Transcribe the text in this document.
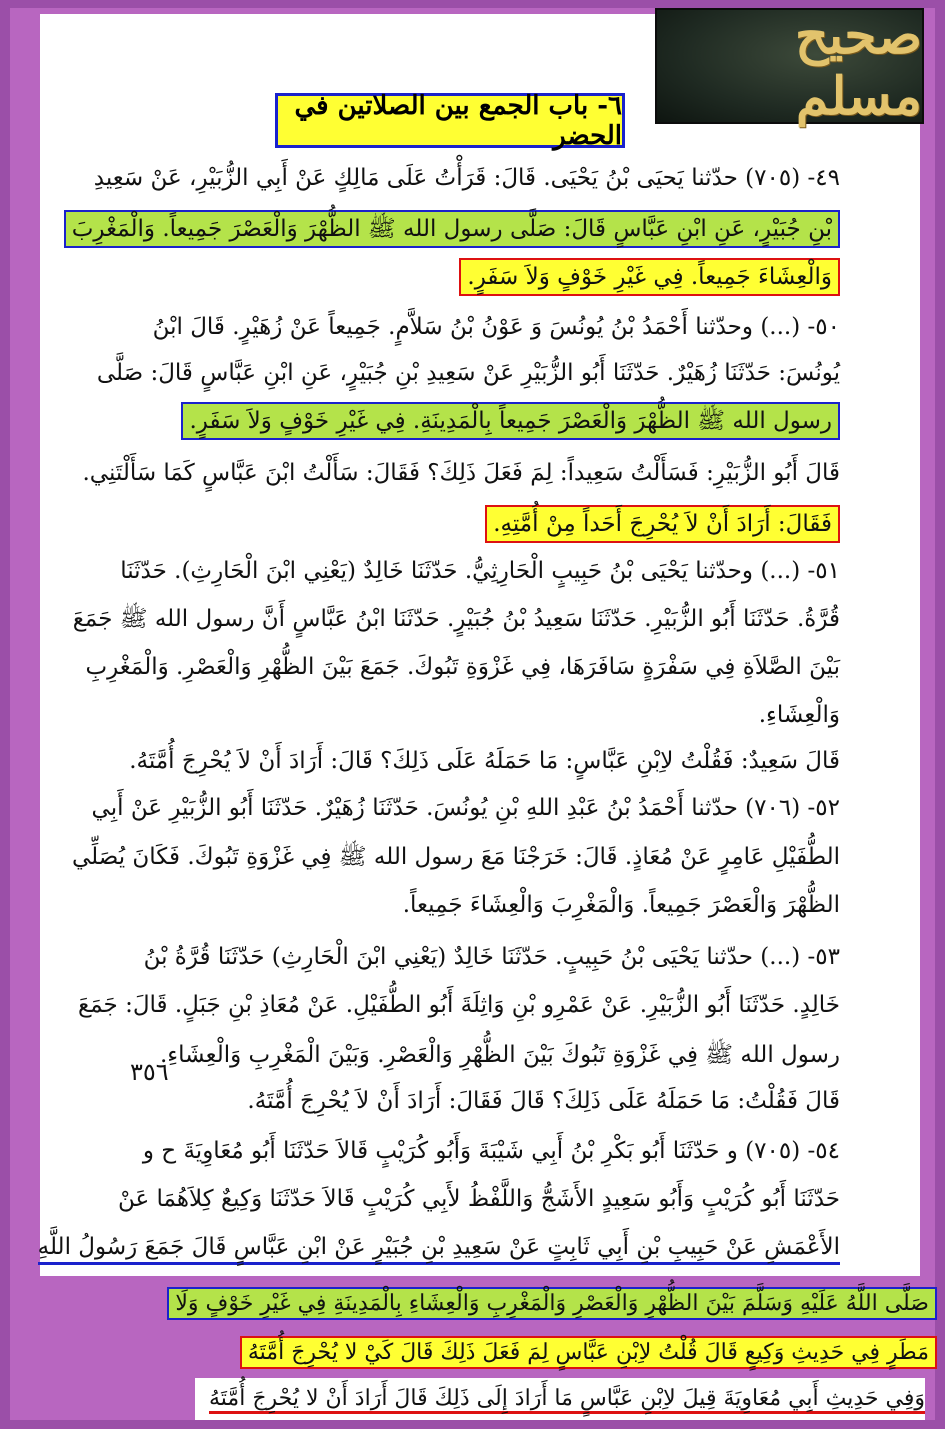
صحيح مسلم
٦- باب الجمع بين الصلاتين في الحضر
٤٩- (٧٠٥) حدّثنا يَحيَى بْنُ يَحْيَى. قَالَ: قَرَأْتُ عَلَى مَالِكٍ عَنْ أَبِي الزُّبَيْرِ، عَنْ سَعِيدِ
بْنِ جُبَيْرٍ، عَنِ ابْنِ عَبَّاسٍ قَالَ: صَلَّى رسول الله ﷺ الظُّهْرَ وَالْعَصْرَ جَمِيعاً. وَالْمَغْرِبَ
وَالْعِشَاءَ جَمِيعاً. فِي غَيْرِ خَوْفٍ وَلاَ سَفَرٍ.
٥٠- (...) وحدّثنا أَحْمَدُ بْنُ يُونُسَ وَ عَوْنُ بْنُ سَلاَّمٍ. جَمِيعاً عَنْ زُهَيْرٍ. قَالَ ابْنُ
يُونُسَ: حَدّثَنَا زُهَيْرٌ. حَدّثَنَا أَبُو الزُّبَيْرِ عَنْ سَعِيدِ بْنِ جُبَيْرٍ، عَنِ ابْنِ عَبَّاسٍ قَالَ: صَلَّى
رسول الله ﷺ الظُّهْرَ وَالْعَصْرَ جَمِيعاً بِالْمَدِينَةِ. فِي غَيْرِ خَوْفٍ وَلاَ سَفَرٍ.
قَالَ أَبُو الزُّبَيْرِ: فَسَأَلْتُ سَعِيداً: لِمَ فَعَلَ ذَلِكَ؟ فَقَالَ: سَأَلْتُ ابْنَ عَبَّاسٍ كَمَا سَأَلْتَنِي.
فَقَالَ: أَرَادَ أَنْ لاَ يُحْرِجَ أَحَداً مِنْ أُمَّتِهِ.
٥١- (...) وحدّثنا يَحْيَى بْنُ حَبِيبٍ الْحَارِثِيُّ. حَدّثَنَا خَالِدٌ (يَعْنِي ابْنَ الْحَارِثِ). حَدّثَنَا
قُرَّةُ. حَدّثَنَا أَبُو الزُّبَيْرِ. حَدّثَنَا سَعِيدُ بْنُ جُبَيْرٍ. حَدّثَنَا ابْنُ عَبَّاسٍ أَنَّ رسول الله ﷺ جَمَعَ
بَيْنَ الصَّلاَةِ فِي سَفْرَةٍ سَافَرَهَا، فِي غَزْوَةِ تَبُوكَ. جَمَعَ بَيْنَ الظُّهْرِ وَالْعَصْرِ. وَالْمَغْرِبِ
وَالْعِشَاءِ.
قَالَ سَعِيدٌ: فَقُلْتُ لاِبْنِ عَبَّاسٍ: مَا حَمَلَهُ عَلَى ذَلِكَ؟ قَالَ: أَرَادَ أَنْ لاَ يُحْرِجَ أُمَّتَهُ.
٥٢- (٧٠٦) حدّثنا أَحْمَدُ بْنُ عَبْدِ اللهِ بْنِ يُونُسَ. حَدّثَنَا زُهَيْرٌ. حَدّثَنَا أَبُو الزُّبَيْرِ عَنْ أَبِي
الطُّفَيْلِ عَامِرٍ عَنْ مُعَاذٍ. قَالَ: خَرَجْنَا مَعَ رسول الله ﷺ فِي غَزْوَةِ تَبُوكَ. فَكَانَ يُصَلِّي
الظُّهْرَ وَالْعَصْرَ جَمِيعاً. وَالْمَغْرِبَ وَالْعِشَاءَ جَمِيعاً.
٥٣- (...) حدّثنا يَحْيَى بْنُ حَبِيبٍ. حَدّثَنَا خَالِدٌ (يَعْنِي ابْنَ الْحَارِثِ) حَدّثَنَا قُرَّةُ بْنُ
خَالِدٍ. حَدّثَنَا أَبُو الزُّبَيْرِ. عَنْ عَمْرِو بْنِ وَاثِلَةَ أَبُو الطُّفَيْلِ. عَنْ مُعَاذِ بْنِ جَبَلٍ. قَالَ: جَمَعَ
رسول الله ﷺ فِي غَزْوَةِ تَبُوكَ بَيْنَ الظُّهْرِ وَالْعَصْرِ. وَبَيْنَ الْمَغْرِبِ وَالْعِشَاءِ.
٣٥٦
قَالَ فَقُلْتُ: مَا حَمَلَهُ عَلَى ذَلِكَ؟ قَالَ فَقَالَ: أَرَادَ أَنْ لاَ يُحْرِجَ أُمَّتَهُ.
٥٤- (٧٠٥) و حَدّثَنَا أَبُو بَكْرِ بْنُ أَبِي شَيْبَةَ وَأَبُو كُرَيْبٍ قَالاَ حَدّثَنَا أَبُو مُعَاوِيَةَ ح و
حَدّثَنَا أَبُو كُرَيْبٍ وَأَبُو سَعِيدٍ الأَشَجُّ وَاللَّفْظُ لأَبِي كُرَيْبٍ قَالاَ حَدّثَنَا وَكِيعٌ كِلاَهُمَا عَنْ
الأَعْمَشِ عَنْ حَبِيبِ بْنِ أَبِي ثَابِتٍ عَنْ سَعِيدِ بْنِ جُبَيْرٍ عَنْ ابْنِ عَبَّاسٍ قَالَ جَمَعَ رَسُولُ اللَّهِ
صَلَّى اللَّهُ عَلَيْهِ وَسَلَّمَ بَيْنَ الظُّهْرِ وَالْعَصْرِ وَالْمَغْرِبِ وَالْعِشَاءِ بِالْمَدِينَةِ فِي غَيْرِ خَوْفٍ وَلَا
مَطَرٍ فِي حَدِيثِ وَكِيعٍ قَالَ قُلْتُ لاِبْنِ عَبَّاسٍ لِمَ فَعَلَ ذَلِكَ قَالَ كَيْ لا يُحْرِجَ أُمَّتَهُ
وَفِي حَدِيثِ أَبِي مُعَاوِيَةَ قِيلَ لاِبْنِ عَبَّاسٍ مَا أَرَادَ إِلَى ذَلِكَ قَالَ أَرَادَ أَنْ لا يُحْرِجَ أُمَّتَهُ
